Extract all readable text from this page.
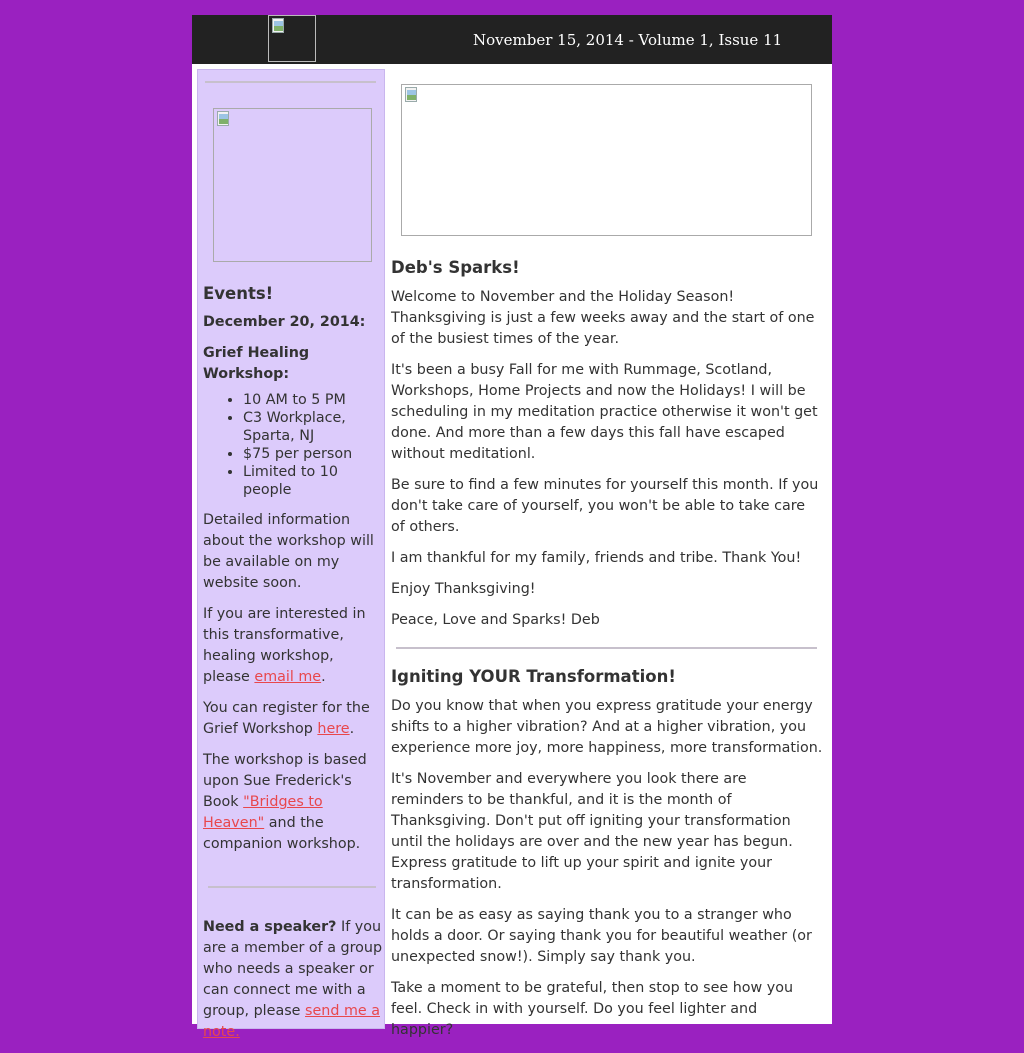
November 15, 2014 - Volume 1, Issue 11
Events!

December 20, 2014:

Grief Healing Workshop:

• 10 AM to 5 PM
• C3 Workplace, Sparta, NJ
• $75 per person
• Limited to 10 people

Detailed information about the workshop will be available on my website soon.

If you are interested in this transformative, healing workshop, please email me.

You can register for the Grief Workshop here.

The workshop is based upon Sue Frederick's Book "Bridges to Heaven" and the companion workshop.

Need a speaker? If you are a member of a group who needs a speaker or can connect me with a group, please send me a note.

Deb's Sparks!

Welcome to November and the Holiday Season! Thanksgiving is just a few weeks away and the start of one of the busiest times of the year.

It's been a busy Fall for me with Rummage, Scotland, Workshops, Home Projects and now the Holidays! I will be scheduling in my meditation practice otherwise it won't get done. And more than a few days this fall have escaped without meditationl.

Be sure to find a few minutes for yourself this month. If you don't take care of yourself, you won't be able to take care of others.

I am thankful for my family, friends and tribe. Thank You!

Enjoy Thanksgiving!

Peace, Love and Sparks! Deb

Igniting YOUR Transformation!

Do you know that when you express gratitude your energy shifts to a higher vibration? And at a higher vibration, you experience more joy, more happiness, more transformation.

It's November and everywhere you look there are reminders to be thankful, and it is the month of Thanksgiving. Don't put off igniting your transformation until the holidays are over and the new year has begun. Express gratitude to lift up your spirit and ignite your transformation.

It can be as easy as saying thank you to a stranger who holds a door. Or saying thank you for beautiful weather (or unexpected snow!). Simply say thank you.

Take a moment to be grateful, then stop to see how you feel. Check in with yourself. Do you feel lighter and happier?
